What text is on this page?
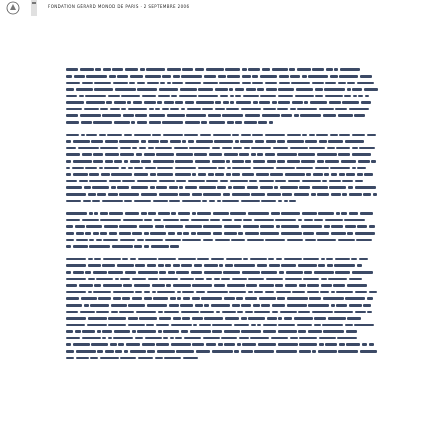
FONDATION GÉRARD MONOD DE PARIS · 2 SEPTEMBRE 2006
